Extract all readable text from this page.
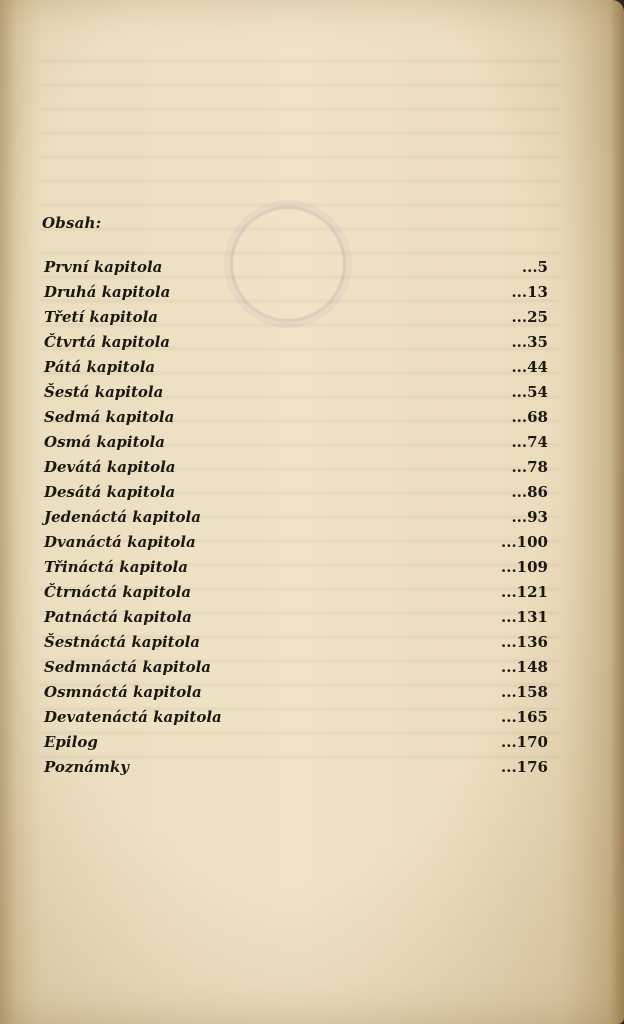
Obsah:
První kapitola	...5
Druhá kapitola	...13
Třetí kapitola	...25
Čtvrtá kapitola	...35
Pátá kapitola	...44
Šestá kapitola	...54
Sedmá kapitola	...68
Osmá kapitola	...74
Devátá kapitola	...78
Desátá kapitola	...86
Jedenáctá kapitola	...93
Dvanáctá kapitola	...100
Třináctá kapitola	...109
Čtrnáctá kapitola	...121
Patnáctá kapitola	...131
Šestnáctá kapitola	...136
Sedmnáctá kapitola	...148
Osmnáctá kapitola	...158
Devatenáctá kapitola	...165
Epilog	...170
Poznámky	...176
